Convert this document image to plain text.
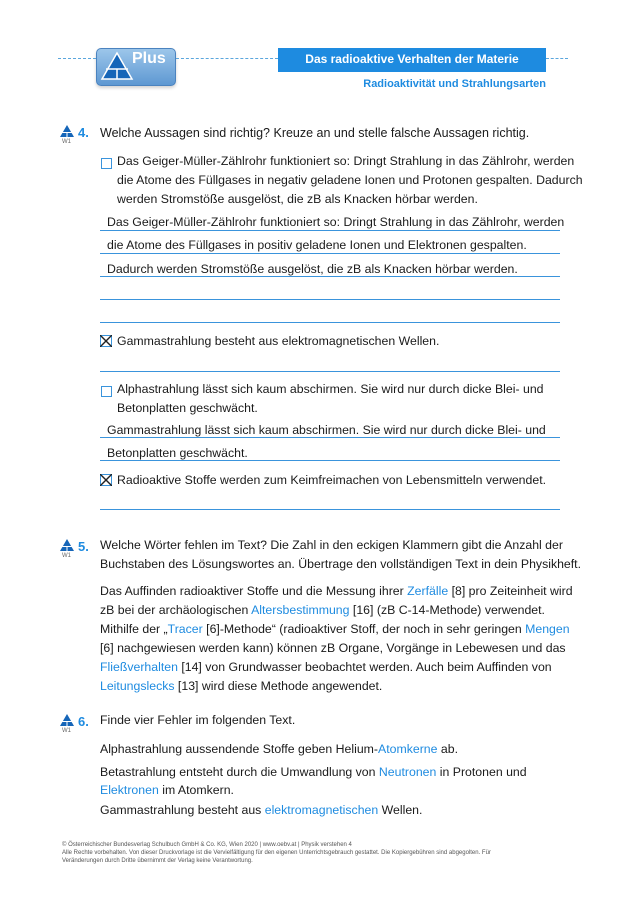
Plus	Das radioaktive Verhalten der Materie
Radioaktivität und Strahlungsarten
W1
4. Welche Aussagen sind richtig? Kreuze an und stelle falsche Aussagen richtig.
Das Geiger-Müller-Zählrohr funktioniert so: Dringt Strahlung in das Zählrohr, werden
die Atome des Füllgases in negativ geladene Ionen und Protonen gespalten. Dadurch
werden Stromstöße ausgelöst, die zB als Knacken hörbar werden.
Das Geiger-Müller-Zählrohr funktioniert so: Dringt Strahlung in das Zählrohr, werden
die Atome des Füllgases in positiv geladene Ionen und Elektronen gespalten.
Dadurch werden Stromstöße ausgelöst, die zB als Knacken hörbar werden.
Gammastrahlung besteht aus elektromagnetischen Wellen.
Alphastrahlung lässt sich kaum abschirmen. Sie wird nur durch dicke Blei- und
Betonplatten geschwächt.
Gammastrahlung lässt sich kaum abschirmen. Sie wird nur durch dicke Blei- und
Betonplatten geschwächt.
Radioaktive Stoffe werden zum Keimfreimachen von Lebensmitteln verwendet.
W1
5. Welche Wörter fehlen im Text? Die Zahl in den eckigen Klammern gibt die Anzahl der
Buchstaben des Lösungswortes an. Übertrage den vollständigen Text in dein Physikheft.
Das Auffinden radioaktiver Stoffe und die Messung ihrer Zerfälle [8] pro Zeiteinheit wird
zB bei der archäologischen Altersbestimmung [16] (zB C-14-Methode) verwendet.
Mithilfe der „Tracer [6]-Methode“ (radioaktiver Stoff, der noch in sehr geringen Mengen
[6] nachgewiesen werden kann) können zB Organe, Vorgänge in Lebewesen und das
Fließverhalten [14] von Grundwasser beobachtet werden. Auch beim Auffinden von
Leitungslecks [13] wird diese Methode angewendet.
W1
6. Finde vier Fehler im folgenden Text.
Alphastrahlung aussendende Stoffe geben Helium-Atomkerne ab.
Betastrahlung entsteht durch die Umwandlung von Neutronen in Protonen und
Elektronen im Atomkern.
Gammastrahlung besteht aus elektromagnetischen Wellen.
© Österreichischer Bundesverlag Schulbuch GmbH & Co. KG, Wien 2020 | www.oebv.at | Physik verstehen 4
Alle Rechte vorbehalten. Von dieser Druckvorlage ist die Vervielfältigung für den eigenen Unterrichtsgebrauch gestattet. Die Kopiergebühren sind abgegolten. Für
Veränderungen durch Dritte übernimmt der Verlag keine Verantwortung.
